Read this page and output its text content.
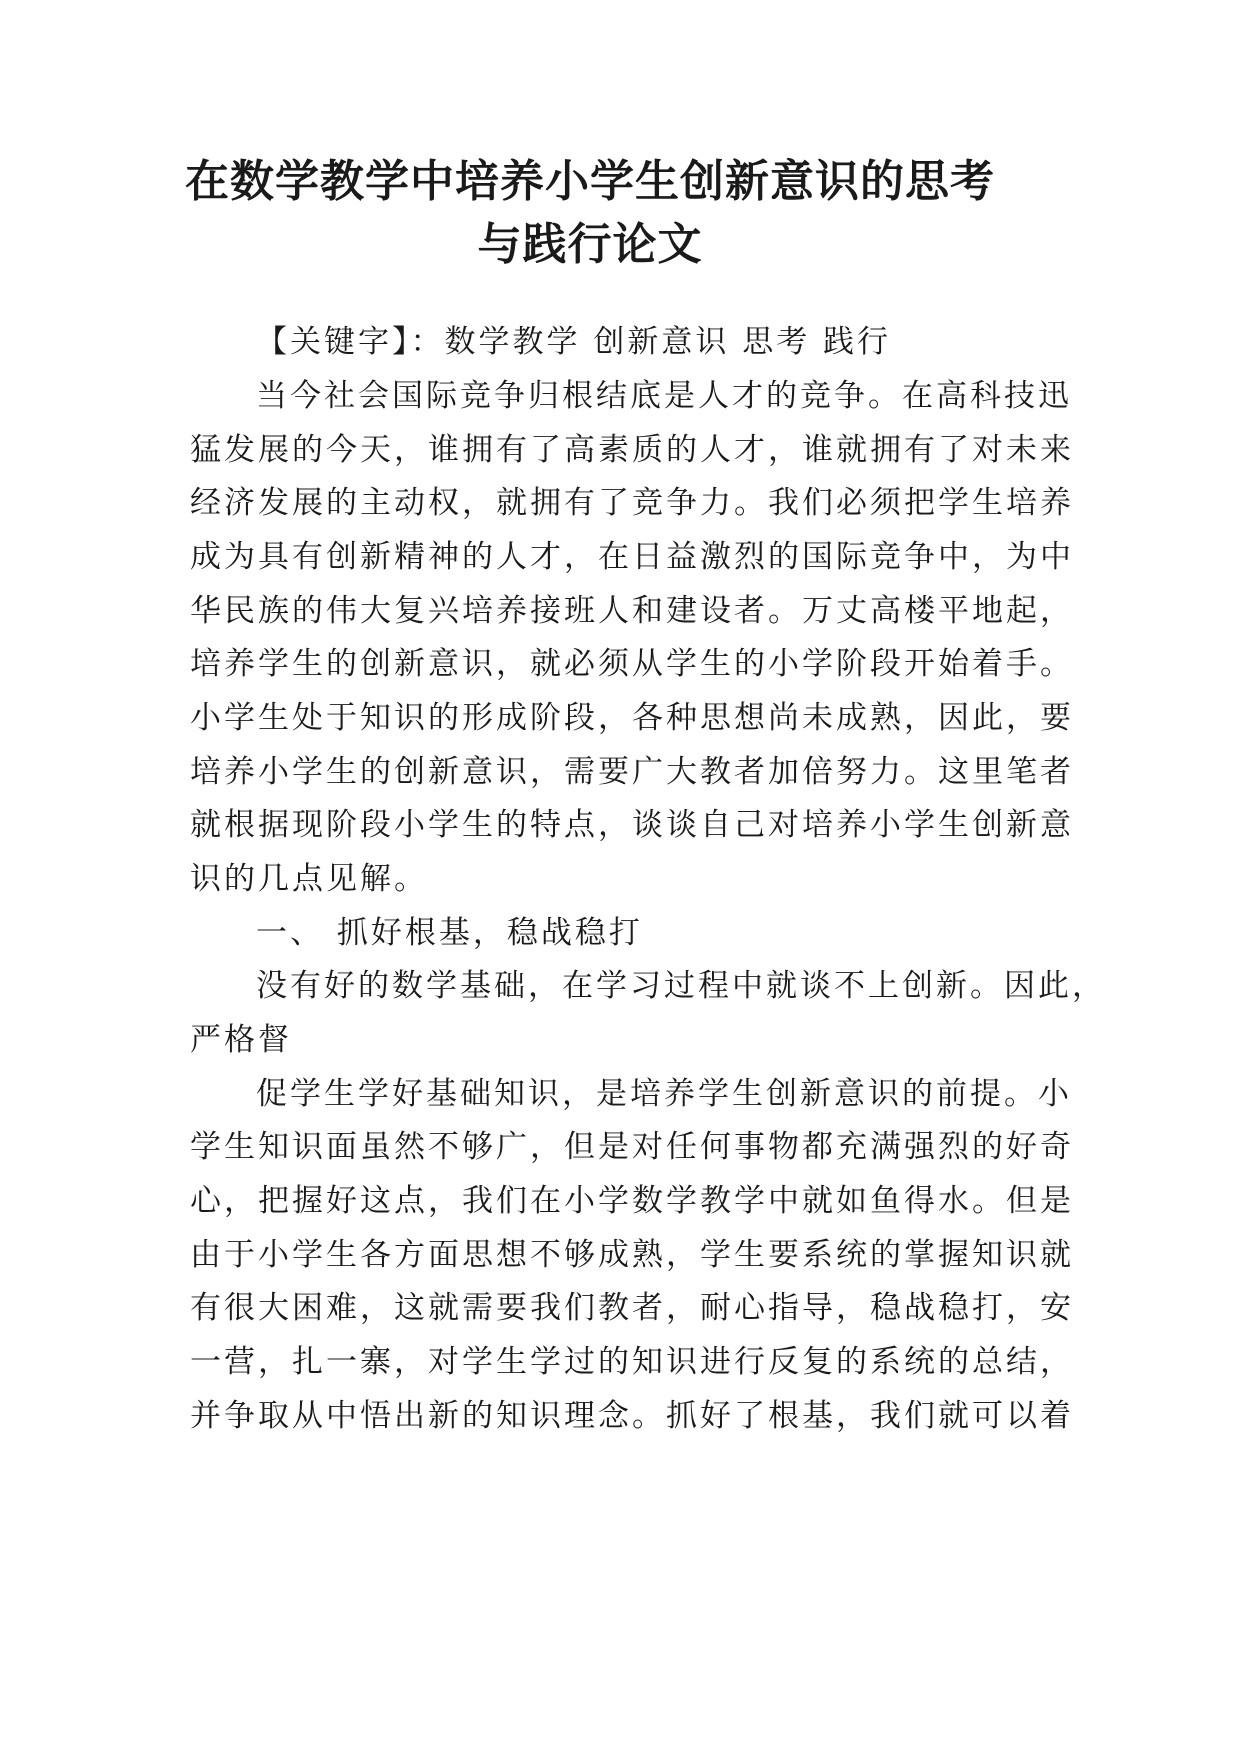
在数学教学中培养小学生创新意识的思考
与践行论文
【关键字】：数学教学 创新意识 思考 践行
当今社会国际竞争归根结底是人才的竞争。在高科技迅
猛发展的今天，谁拥有了高素质的人才，谁就拥有了对未来
经济发展的主动权，就拥有了竞争力。我们必须把学生培养
成为具有创新精神的人才，在日益激烈的国际竞争中，为中
华民族的伟大复兴培养接班人和建设者。万丈高楼平地起，
培养学生的创新意识，就必须从学生的小学阶段开始着手。
小学生处于知识的形成阶段，各种思想尚未成熟，因此，要
培养小学生的创新意识，需要广大教者加倍努力。这里笔者
就根据现阶段小学生的特点，谈谈自己对培养小学生创新意
识的几点见解。
一、 抓好根基，稳战稳打
没有好的数学基础，在学习过程中就谈不上创新。因此，
严格督
促学生学好基础知识，是培养学生创新意识的前提。小
学生知识面虽然不够广，但是对任何事物都充满强烈的好奇
心，把握好这点，我们在小学数学教学中就如鱼得水。但是
由于小学生各方面思想不够成熟，学生要系统的掌握知识就
有很大困难，这就需要我们教者，耐心指导，稳战稳打，安
一营，扎一寨，对学生学过的知识进行反复的系统的总结，
并争取从中悟出新的知识理念。抓好了根基，我们就可以着
